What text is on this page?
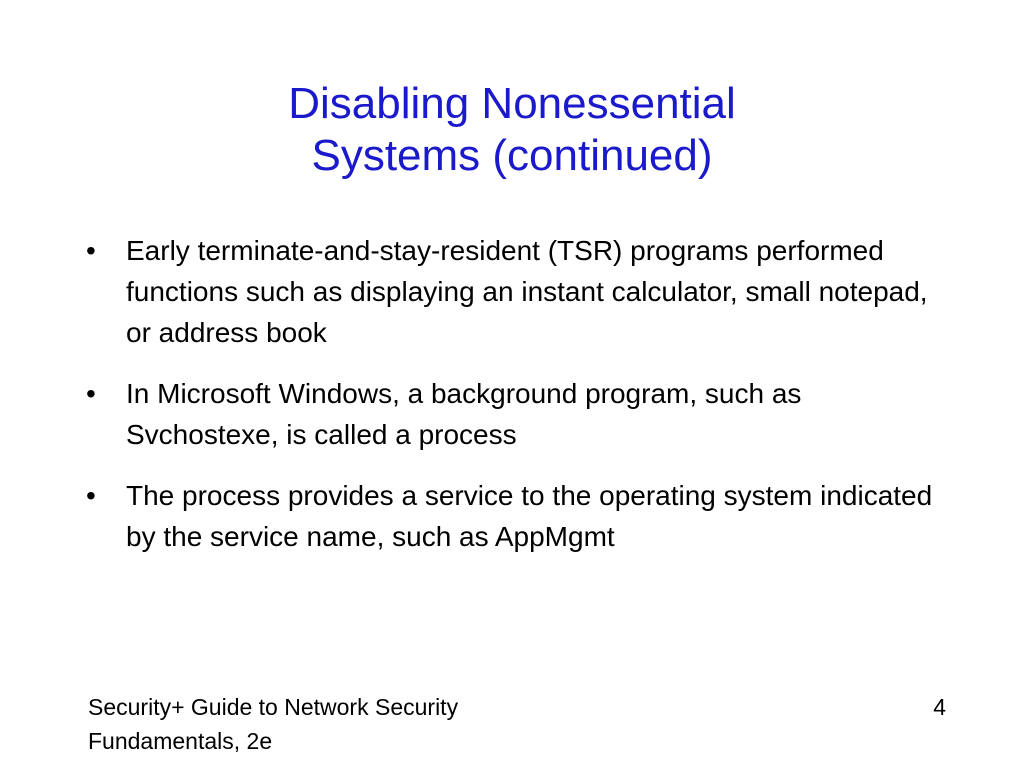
Disabling Nonessential
Systems (continued)
•	Early terminate-and-stay-resident (TSR) programs performed functions such as displaying an instant calculator, small notepad, or address book
•	In Microsoft Windows, a background program, such as Svchostexe, is called a process
•	The process provides a service to the operating system indicated by the service name, such as AppMgmt
Security+ Guide to Network Security
Fundamentals, 2e
4
